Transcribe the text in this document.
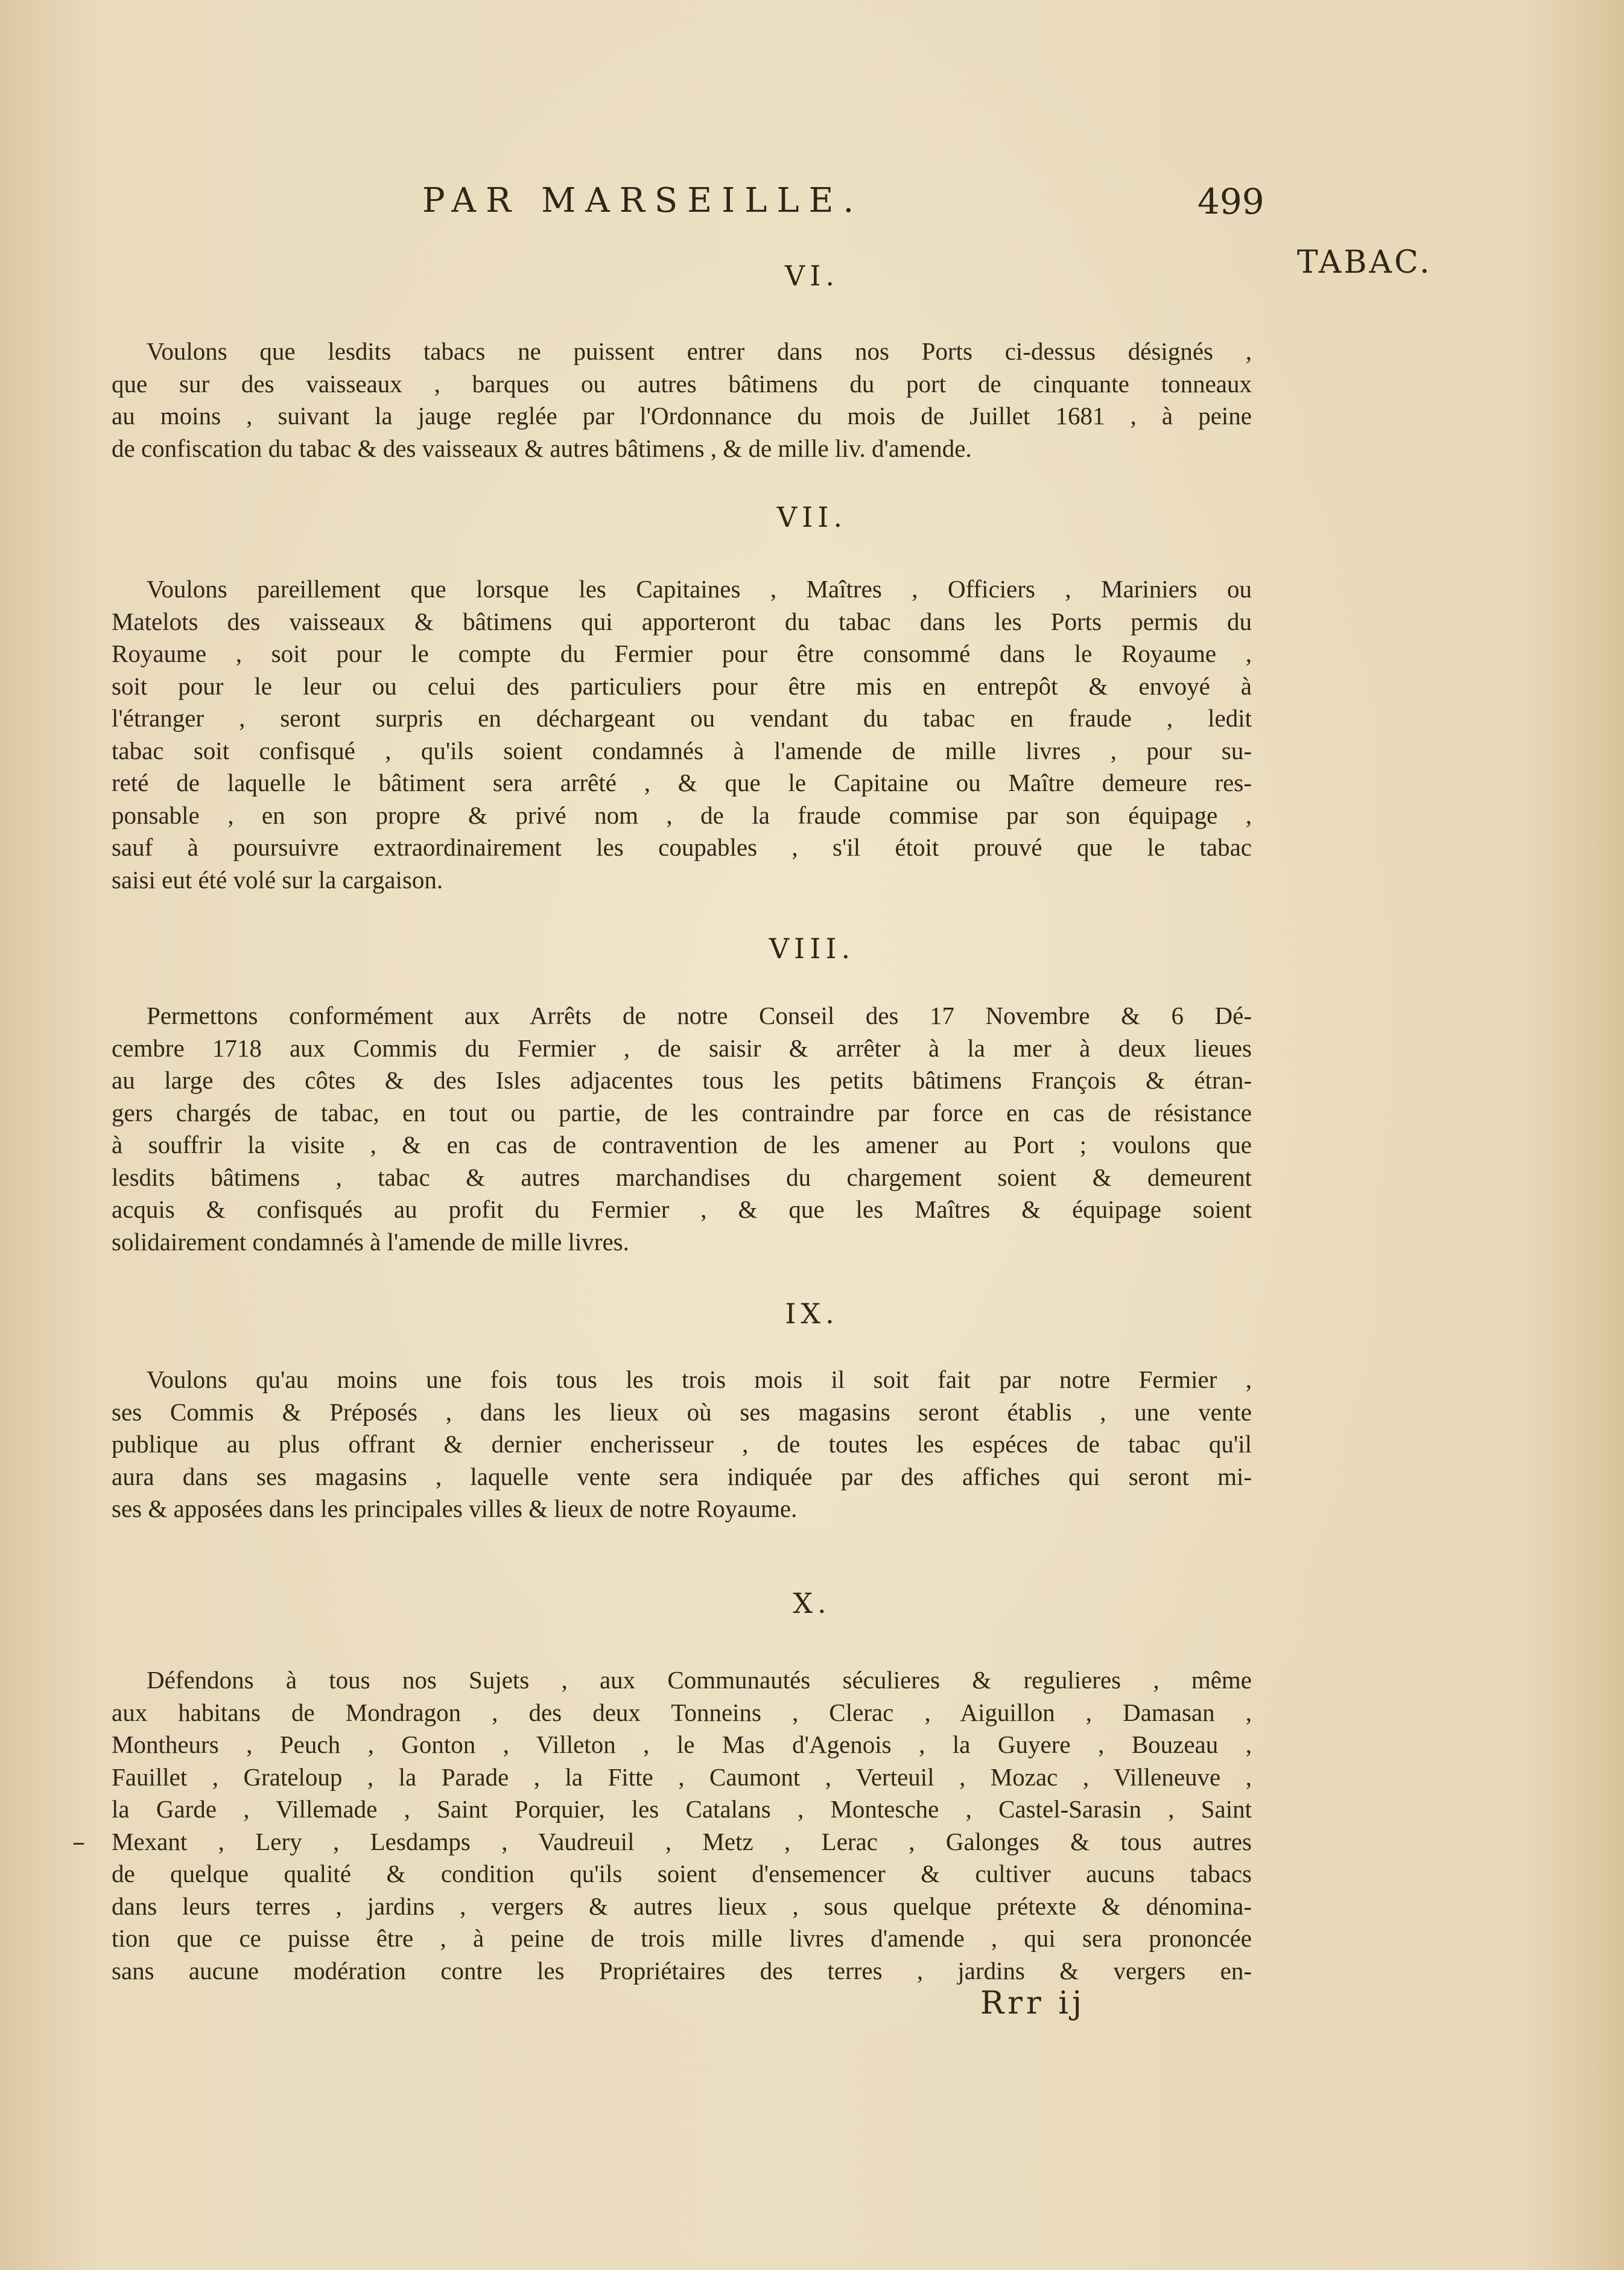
PAR MARSEILLE.	499
TABAC.
VI.
Voulons que lesdits tabacs ne puissent entrer dans nos Ports ci-dessus désignés ,
que sur des vaisseaux , barques ou autres bâtimens du port de cinquante tonneaux
au moins , suivant la jauge reglée par l'Ordonnance du mois de Juillet 1681 , à peine
de confiscation du tabac & des vaisseaux & autres bâtimens , & de mille liv. d'amende.
VII.
Voulons pareillement que lorsque les Capitaines , Maîtres , Officiers , Mariniers ou
Matelots des vaisseaux & bâtimens qui apporteront du tabac dans les Ports permis du
Royaume , soit pour le compte du Fermier pour être consommé dans le Royaume ,
soit pour le leur ou celui des particuliers pour être mis en entrepôt & envoyé à
l'étranger , seront surpris en déchargeant ou vendant du tabac en fraude , ledit
tabac soit confisqué , qu'ils soient condamnés à l'amende de mille livres , pour su-
reté de laquelle le bâtiment sera arrêté , & que le Capitaine ou Maître demeure res-
ponsable , en son propre & privé nom , de la fraude commise par son équipage ,
sauf à poursuivre extraordinairement les coupables , s'il étoit prouvé que le tabac
saisi eut été volé sur la cargaison.
VIII.
Permettons conformément aux Arrêts de notre Conseil des 17 Novembre & 6 Dé-
cembre 1718 aux Commis du Fermier , de saisir & arrêter à la mer à deux lieues
au large des côtes & des Isles adjacentes tous les petits bâtimens François & étran-
gers chargés de tabac, en tout ou partie, de les contraindre par force en cas de résistance
à souffrir la visite , & en cas de contravention de les amener au Port ; voulons que
lesdits bâtimens , tabac & autres marchandises du chargement soient & demeurent
acquis & confisqués au profit du Fermier , & que les Maîtres & équipage soient
solidairement condamnés à l'amende de mille livres.
IX.
Voulons qu'au moins une fois tous les trois mois il soit fait par notre Fermier ,
ses Commis & Préposés , dans les lieux où ses magasins seront établis , une vente
publique au plus offrant & dernier encherisseur , de toutes les espéces de tabac qu'il
aura dans ses magasins , laquelle vente sera indiquée par des affiches qui seront mi-
ses & apposées dans les principales villes & lieux de notre Royaume.
X.
Défendons à tous nos Sujets , aux Communautés séculieres & regulieres , même
aux habitans de Mondragon , des deux Tonneins , Clerac , Aiguillon , Damasan ,
Montheurs , Peuch , Gonton , Villeton , le Mas d'Agenois , la Guyere , Bouzeau ,
Fauillet , Grateloup , la Parade , la Fitte , Caumont , Verteuil , Mozac , Villeneuve ,
la Garde , Villemade , Saint Porquier, les Catalans , Montesche , Castel-Sarasin , Saint
Mexant , Lery , Lesdamps , Vaudreuil , Metz , Lerac , Galonges & tous autres
de quelque qualité & condition qu'ils soient d'ensemencer & cultiver aucuns tabacs
dans leurs terres , jardins , vergers & autres lieux , sous quelque prétexte & dénomina-
tion que ce puisse être , à peine de trois mille livres d'amende , qui sera prononcée
sans aucune modération contre les Propriétaires des terres , jardins & vergers en-
–
Rrr ij
